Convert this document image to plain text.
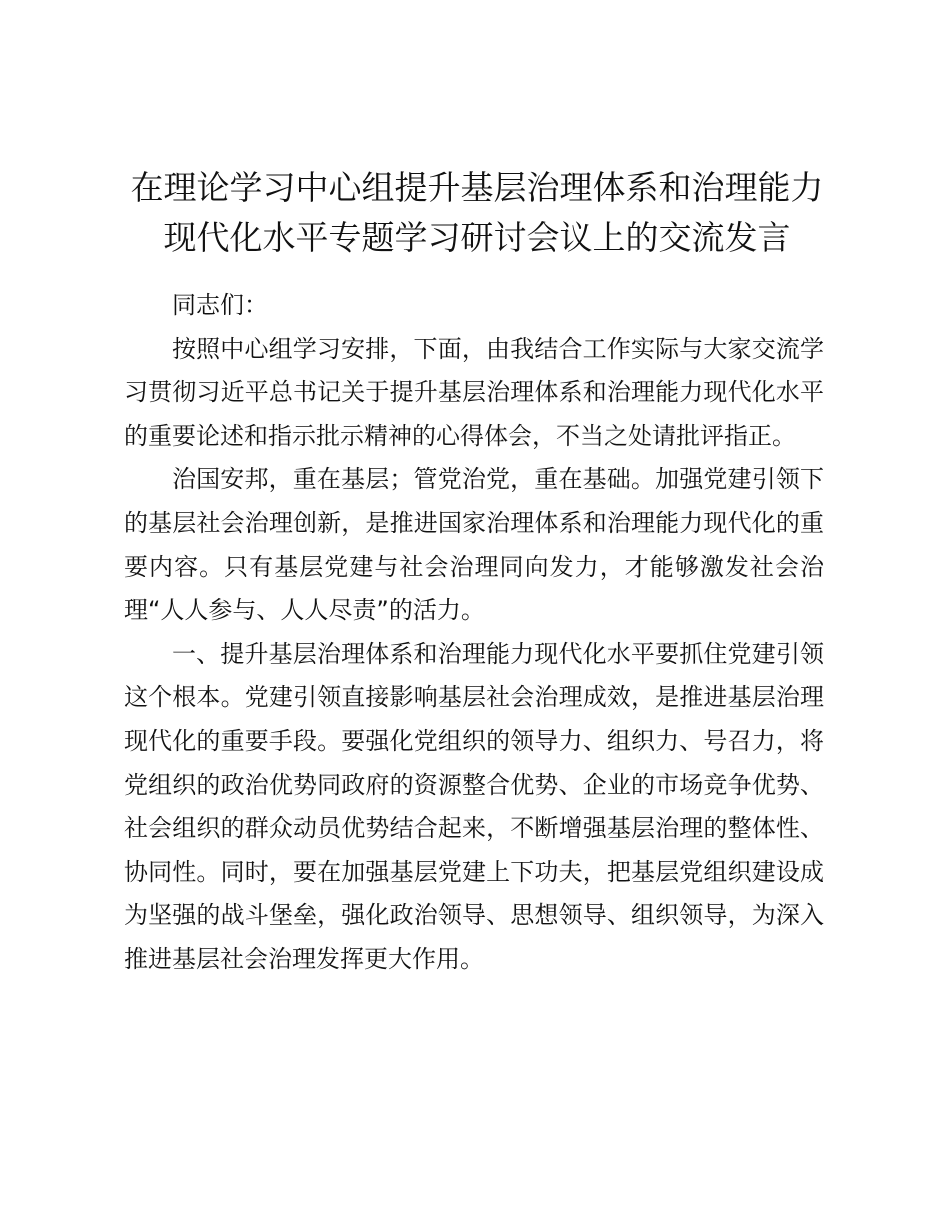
在理论学习中心组提升基层治理体系和治理能力现代化水平专题学习研讨会议上的交流发言

同志们：

按照中心组学习安排，下面，由我结合工作实际与大家交流学习贯彻习近平总书记关于提升基层治理体系和治理能力现代化水平的重要论述和指示批示精神的心得体会，不当之处请批评指正。

治国安邦，重在基层；管党治党，重在基础。加强党建引领下的基层社会治理创新，是推进国家治理体系和治理能力现代化的重要内容。只有基层党建与社会治理同向发力，才能够激发社会治理“人人参与、人人尽责”的活力。

一、提升基层治理体系和治理能力现代化水平要抓住党建引领这个根本。党建引领直接影响基层社会治理成效，是推进基层治理现代化的重要手段。要强化党组织的领导力、组织力、号召力，将党组织的政治优势同政府的资源整合优势、企业的市场竞争优势、社会组织的群众动员优势结合起来，不断增强基层治理的整体性、协同性。同时，要在加强基层党建上下功夫，把基层党组织建设成为坚强的战斗堡垒，强化政治领导、思想领导、组织领导，为深入推进基层社会治理发挥更大作用。
